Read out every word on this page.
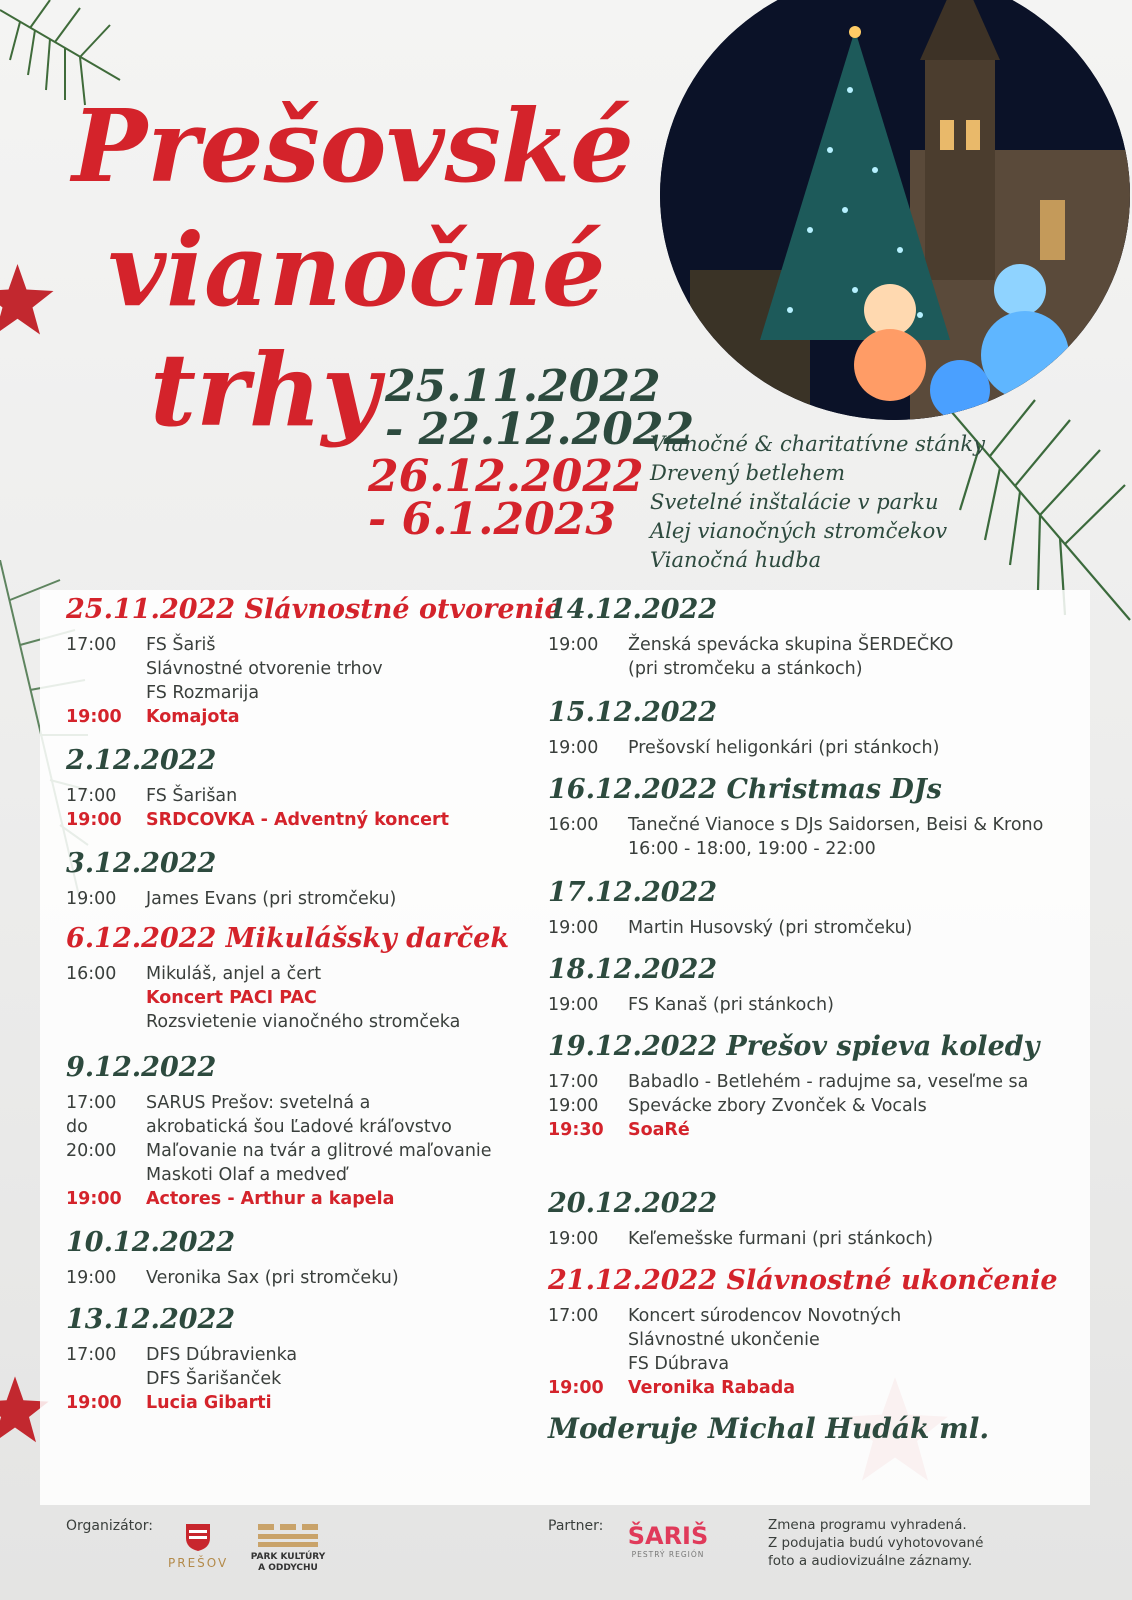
Prešovské
vianočné
trhy 25.11.2022
- 22.12.2022
26.12.2022
- 6.1.2023
Vianočné & charitatívne stánky
Drevený betlehem
Svetelné inštalácie v parku
Alej vianočných stromčekov
Vianočná hudba
25.11.2022 Slávnostné otvorenie
17:00	FS Šariš
Slávnostné otvorenie trhov
FS Rozmarija
19:00	Komajota
2.12.2022
17:00	FS Šarišan
19:00	SRDCOVKA - Adventný koncert
3.12.2022
19:00	James Evans (pri stromčeku)
6.12.2022 Mikulášsky darček
16:00	Mikuláš, anjel a čert
Koncert PACI PAC
Rozsvietenie vianočného stromčeka
9.12.2022
17:00	SARUS Prešov: svetelná a
do	akrobatická šou Ľadové kráľovstvo
20:00	Maľovanie na tvár a glitrové maľovanie
Maskoti Olaf a medveď
19:00	Actores - Arthur a kapela
10.12.2022
19:00	Veronika Sax (pri stromčeku)
13.12.2022
17:00	DFS Dúbravienka
DFS Šarišanček
19:00	Lucia Gibarti
14.12.2022
19:00	Ženská spevácka skupina ŠERDEČKO
(pri stromčeku a stánkoch)
15.12.2022
19:00	Prešovskí heligonkári (pri stánkoch)
16.12.2022 Christmas DJs
16:00	Tanečné Vianoce s DJs Saidorsen, Beisi & Krono
16:00 - 18:00, 19:00 - 22:00
17.12.2022
19:00	Martin Husovský (pri stromčeku)
18.12.2022
19:00	FS Kanaš (pri stánkoch)
19.12.2022 Prešov spieva koledy
17:00	Babadlo - Betlehém - radujme sa, veseľme sa
19:00	Spevácke zbory Zvonček & Vocals
19:30	SoaRé
20.12.2022
19:00	Keľemešske furmani (pri stánkoch)
21.12.2022 Slávnostné ukončenie
17:00	Koncert súrodencov Novotných
Slávnostné ukončenie
FS Dúbrava
19:00	Veronika Rabada
Moderuje Michal Hudák ml.
Organizátor:
PREŠOV	PARK KULTÚRY
A ODDYCHU
Partner: ŠARIŠ
PESTRÝ REGIÓN
Zmena programu vyhradená.
Z podujatia budú vyhotovované
foto a audiovizuálne záznamy.
